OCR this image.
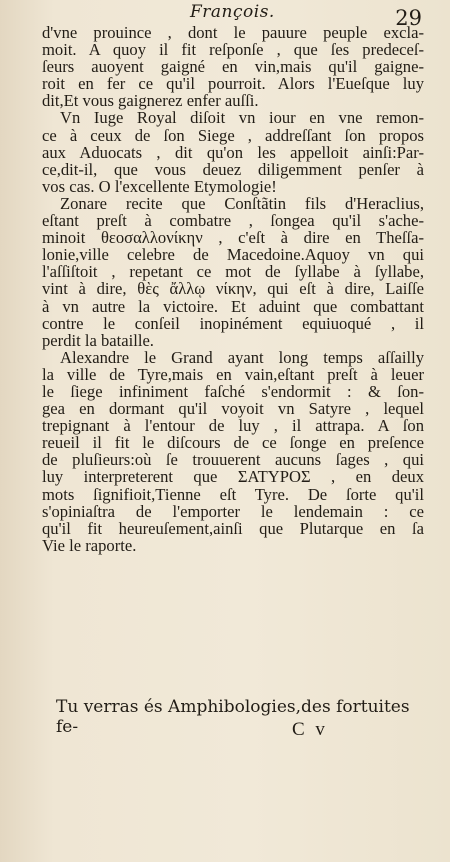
François.	29

d'vne prouince , dont le pauure peuple excla-
moit. A quoy il fit reſponſe , que ſes predeceſ-
ſeurs auoyent gaigné en vin,mais qu'il gaigne-
roit en fer ce qu'il pourroit. Alors l'Eueſque luy
dit,Et vous gaignerez enfer auſſi.

Vn Iuge Royal diſoit vn iour en vne remon-
ce à ceux de ſon Siege , addreſſant ſon propos
aux Aduocats , dit qu'on les appelloit ainſi:Par-
ce,dit-il, que vous deuez diligemment penſer à
vos cas. O l'excellente Etymologie!

Zonare recite que Conſtãtin fils d'Heraclius,
eſtant preſt à combatre , ſongea qu'il s'ache-
minoit θεοσαλλονίκην , c'eſt à dire en Theſſa-
lonie,ville celebre de Macedoine.Aquoy vn qui
l'aſſiſtoit , repetant ce mot de ſyllabe à ſyllabe,
vint à dire, θὲς ἄλλῳ νίκην, qui eſt à dire, Laiſſe
à vn autre la victoire. Et aduint que combattant
contre le conſeil inopinément equiuoqué , il
perdit la bataille.

Alexandre le Grand ayant long temps aſſailly
la ville de Tyre,mais en vain,eſtant preſt à leuer
le ſiege infiniment faſché s'endormit : & ſon-
gea en dormant qu'il voyoit vn Satyre , lequel
trepignant à l'entour de luy , il attrapa. A ſon
reueil il fit le diſcours de ce ſonge en preſence
de pluſieurs:où ſe trouuerent aucuns ſages , qui
luy interpreterent que ΣΑΤΥΡΟΣ , en deux
mots ſignifioit,Tienne eſt Tyre. De ſorte qu'il
s'opiniaſtra de l'emporter le lendemain : ce
qu'il fit heureuſement,ainſi que Plutarque en ſa
Vie le raporte.

Tu verras és Amphibologies,des fortuites fe-	C v
